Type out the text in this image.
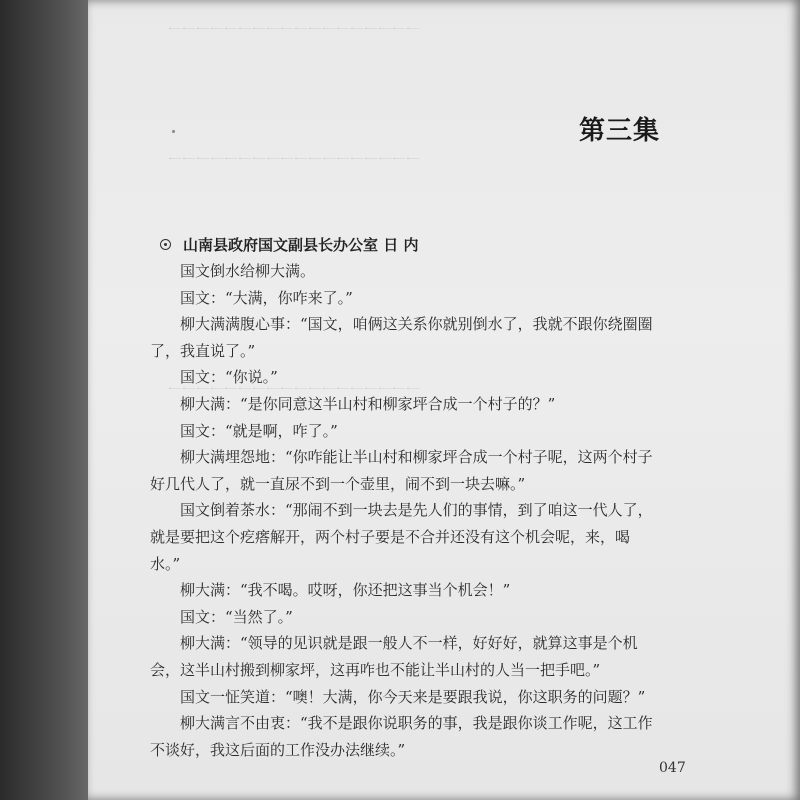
一一一一一一一一一一一一一一一一一一
一一一一一一一一一一一一一一一一一一
一一一一一一一一一一一一一一一一一一
第三集
山南县政府国文副县长办公室 日 内

国文倒水给柳大满。

国文：“大满，你咋来了。”

柳大满满腹心事：“国文，咱俩这关系你就别倒水了，我就不跟你绕圈圈了，我直说了。”

国文：“你说。”

柳大满：“是你同意这半山村和柳家坪合成一个村子的？”

国文：“就是啊，咋了。”

柳大满埋怨地：“你咋能让半山村和柳家坪合成一个村子呢，这两个村子好几代人了，就一直尿不到一个壶里，闹不到一块去嘛。”

国文倒着茶水：“那闹不到一块去是先人们的事情，到了咱这一代人了，就是要把这个疙瘩解开，两个村子要是不合并还没有这个机会呢，来，喝水。”

柳大满：“我不喝。哎呀，你还把这事当个机会！”

国文：“当然了。”

柳大满：“领导的见识就是跟一般人不一样，好好好，就算这事是个机会，这半山村搬到柳家坪，这再咋也不能让半山村的人当一把手吧。”

国文一怔笑道：“噢！大满，你今天来是要跟我说，你这职务的问题？”

柳大满言不由衷：“我不是跟你说职务的事，我是跟你谈工作呢，这工作不谈好，我这后面的工作没办法继续。”

047
